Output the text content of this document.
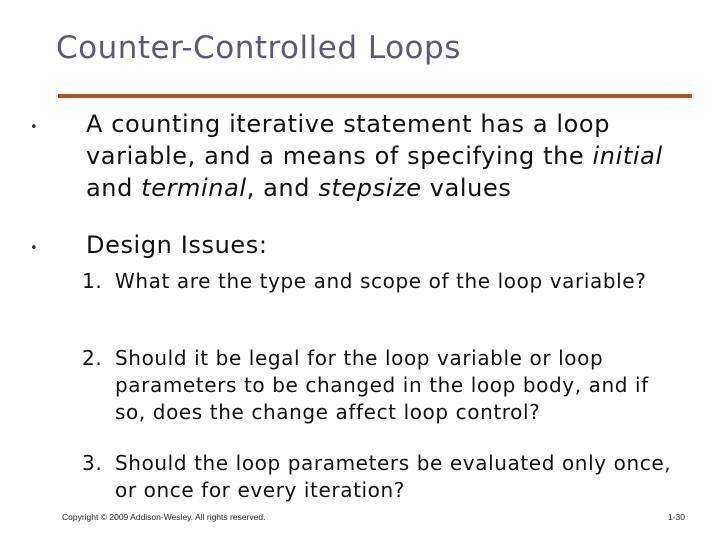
Counter-Controlled Loops
• A counting iterative statement has a loop variable, and a means of specifying the initial and terminal, and stepsize values
• Design Issues:
1. What are the type and scope of the loop variable?
2. Should it be legal for the loop variable or loop parameters to be changed in the loop body, and if so, does the change affect loop control?
3. Should the loop parameters be evaluated only once, or once for every iteration?
Copyright © 2009 Addison-Wesley. All rights reserved.	1-30
